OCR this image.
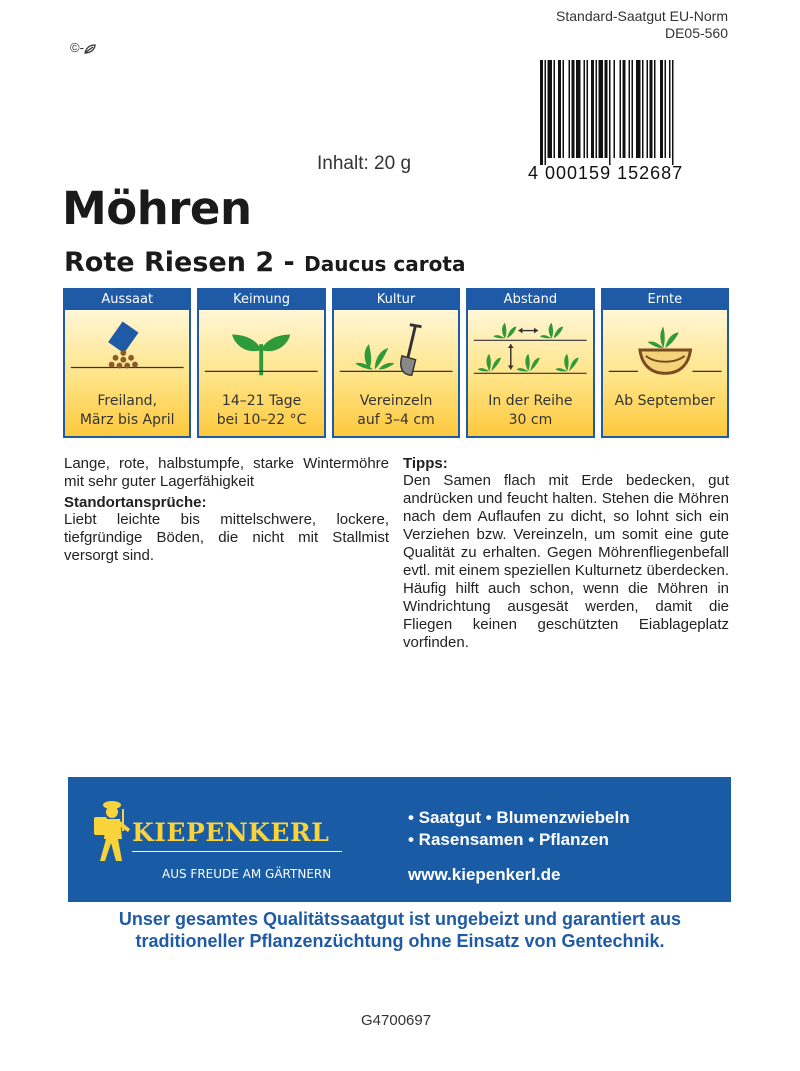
Standard-Saatgut EU-Norm
DE05-560
©-
4 000159 152687
Inhalt: 20 g
Möhren
Rote Riesen 2 - Daucus carota
Aussaat
Freiland,
März bis April
Keimung
14–21 Tage
bei 10–22 °C
Kultur
Vereinzeln
auf 3–4 cm
Abstand
In der Reihe
30 cm
Ernte
Ab September
Lange, rote, halbstumpfe, starke Wintermöhre mit sehr guter Lagerfähigkeit
Standortansprüche:
Liebt leichte bis mittelschwere, lockere, tiefgründige Böden, die nicht mit Stallmist versorgt sind.
Tipps:
Den Samen flach mit Erde bedecken, gut andrücken und feucht halten. Stehen die Möhren nach dem Auflaufen zu dicht, so lohnt sich ein Verziehen bzw. Vereinzeln, um somit eine gute Qualität zu erhalten. Gegen Möhrenfliegenbefall evtl. mit einem speziellen Kulturnetz überdecken. Häufig hilft auch schon, wenn die Möhren in Windrichtung ausgesät werden, damit die Fliegen keinen geschützten Eiablageplatz vorfinden.
KIEPENKERL
AUS FREUDE AM GÄRTNERN
• Saatgut • Blumenzwiebeln
• Rasensamen • Pflanzen
www.kiepenkerl.de
Unser gesamtes Qualitätssaatgut ist ungebeizt und garantiert aus
traditioneller Pflanzenzüchtung ohne Einsatz von Gentechnik.
G4700697
